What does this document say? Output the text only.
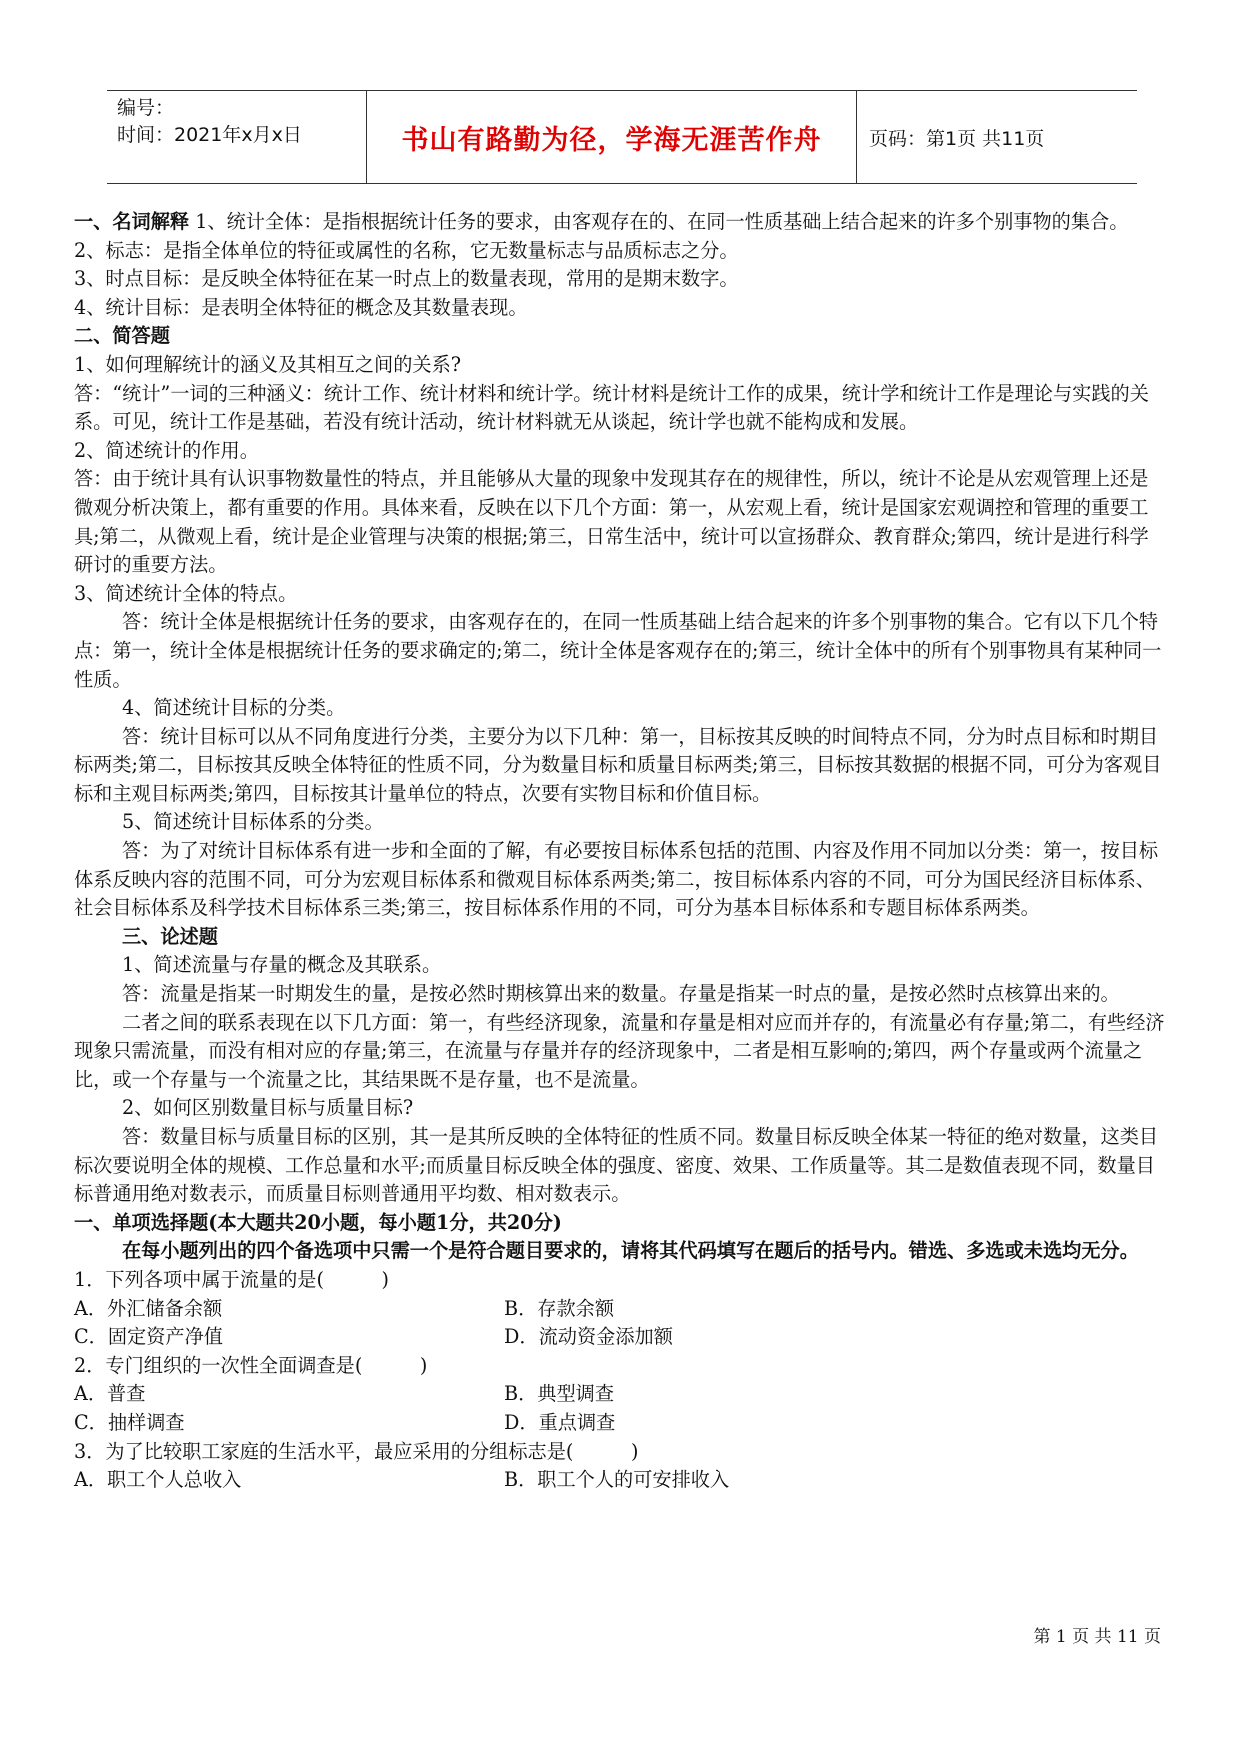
编号：
时间：2021年x月x日	书山有路勤为径，学海无涯苦作舟	页码：第1页 共11页

一、名词解释 1、统计全体：是指根据统计任务的要求，由客观存在的、在同一性质基础上结合起来的许多个别事物的集合。

2、标志：是指全体单位的特征或属性的名称，它无数量标志与品质标志之分。

3、时点目标：是反映全体特征在某一时点上的数量表现，常用的是期末数字。

4、统计目标：是表明全体特征的概念及其数量表现。

二、简答题

1、如何理解统计的涵义及其相互之间的关系?

答：“统计”一词的三种涵义：统计工作、统计材料和统计学。统计材料是统计工作的成果，统计学和统计工作是理论与实践的关系。可见，统计工作是基础，若没有统计活动，统计材料就无从谈起，统计学也就不能构成和发展。

2、简述统计的作用。

答：由于统计具有认识事物数量性的特点，并且能够从大量的现象中发现其存在的规律性，所以，统计不论是从宏观管理上还是微观分析决策上，都有重要的作用。具体来看，反映在以下几个方面：第一，从宏观上看，统计是国家宏观调控和管理的重要工具;第二，从微观上看，统计是企业管理与决策的根据;第三，日常生活中，统计可以宣扬群众、教育群众;第四，统计是进行科学研讨的重要方法。

3、简述统计全体的特点。

答：统计全体是根据统计任务的要求，由客观存在的，在同一性质基础上结合起来的许多个别事物的集合。它有以下几个特点：第一，统计全体是根据统计任务的要求确定的;第二，统计全体是客观存在的;第三，统计全体中的所有个别事物具有某种同一性质。

4、简述统计目标的分类。

答：统计目标可以从不同角度进行分类，主要分为以下几种：第一，目标按其反映的时间特点不同，分为时点目标和时期目标两类;第二，目标按其反映全体特征的性质不同，分为数量目标和质量目标两类;第三，目标按其数据的根据不同，可分为客观目标和主观目标两类;第四，目标按其计量单位的特点，次要有实物目标和价值目标。

5、简述统计目标体系的分类。

答：为了对统计目标体系有进一步和全面的了解，有必要按目标体系包括的范围、内容及作用不同加以分类：第一，按目标体系反映内容的范围不同，可分为宏观目标体系和微观目标体系两类;第二，按目标体系内容的不同，可分为国民经济目标体系、社会目标体系及科学技术目标体系三类;第三，按目标体系作用的不同，可分为基本目标体系和专题目标体系两类。

三、论述题

1、简述流量与存量的概念及其联系。

答：流量是指某一时期发生的量，是按必然时期核算出来的数量。存量是指某一时点的量，是按必然时点核算出来的。

二者之间的联系表现在以下几方面：第一，有些经济现象，流量和存量是相对应而并存的，有流量必有存量;第二，有些经济现象只需流量，而没有相对应的存量;第三，在流量与存量并存的经济现象中，二者是相互影响的;第四，两个存量或两个流量之比，或一个存量与一个流量之比，其结果既不是存量，也不是流量。

2、如何区别数量目标与质量目标?

答：数量目标与质量目标的区别，其一是其所反映的全体特征的性质不同。数量目标反映全体某一特征的绝对数量，这类目标次要说明全体的规模、工作总量和水平;而质量目标反映全体的强度、密度、效果、工作质量等。其二是数值表现不同，数量目标普通用绝对数表示，而质量目标则普通用平均数、相对数表示。

一、单项选择题(本大题共20小题，每小题1分，共20分)

在每小题列出的四个备选项中只需一个是符合题目要求的，请将其代码填写在题后的括号内。错选、多选或未选均无分。

1．下列各项中属于流量的是(　　　)

A．外汇储备余额	B．存款余额
C．固定资产净值	D．流动资金添加额

2．专门组织的一次性全面调查是(　　　)

A．普查	B．典型调查
C．抽样调查	D．重点调查

3．为了比较职工家庭的生活水平，最应采用的分组标志是(　　　)

A．职工个人总收入	B．职工个人的可安排收入
第 1 页 共 11 页
